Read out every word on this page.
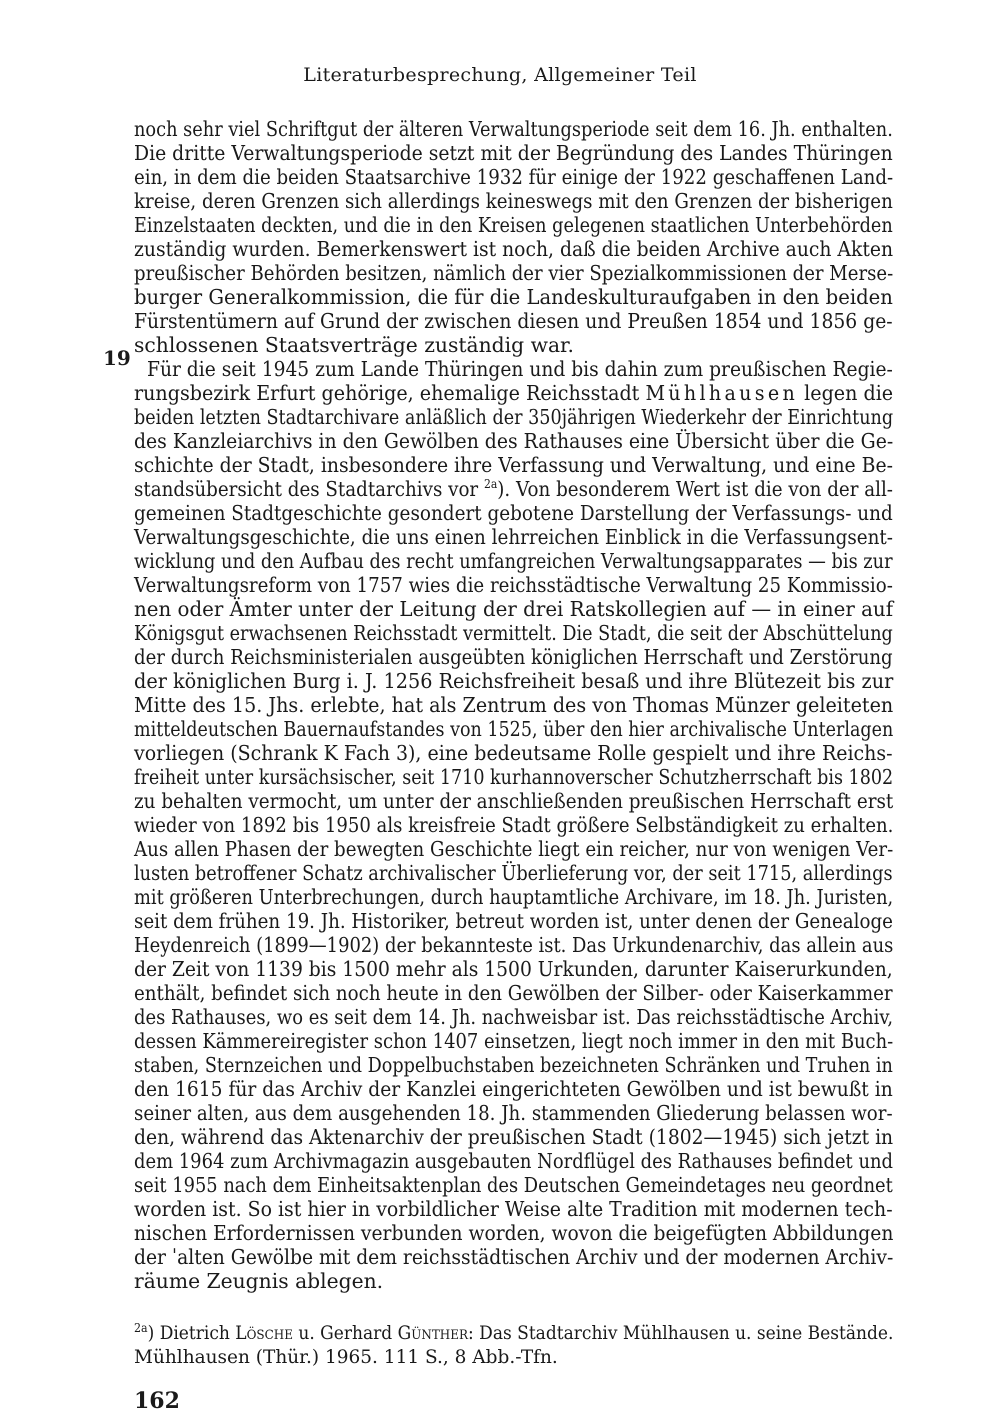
Literaturbesprechung, Allgemeiner Teil
19
noch sehr viel Schriftgut der älteren Verwaltungsperiode seit dem 16. Jh. enthalten.
Die dritte Verwaltungsperiode setzt mit der Begründung des Landes Thüringen
ein, in dem die beiden Staatsarchive 1932 für einige der 1922 geschaffenen Land-
kreise, deren Grenzen sich allerdings keineswegs mit den Grenzen der bisherigen
Einzelstaaten deckten, und die in den Kreisen gelegenen staatlichen Unterbehörden
zuständig wurden. Bemerkenswert ist noch, daß die beiden Archive auch Akten
preußischer Behörden besitzen, nämlich der vier Spezialkommissionen der Merse-
burger Generalkommission, die für die Landeskulturaufgaben in den beiden
Fürstentümern auf Grund der zwischen diesen und Preußen 1854 und 1856 ge-
schlossenen Staatsverträge zuständig war.
Für die seit 1945 zum Lande Thüringen und bis dahin zum preußischen Regie-
rungsbezirk Erfurt gehörige, ehemalige Reichsstadt Mühlhausen legen die
beiden letzten Stadtarchivare anläßlich der 350jährigen Wiederkehr der Einrichtung
des Kanzleiarchivs in den Gewölben des Rathauses eine Übersicht über die Ge-
schichte der Stadt, insbesondere ihre Verfassung und Verwaltung, und eine Be-
standsübersicht des Stadtarchivs vor $^{2a}$). Von besonderem Wert ist die von der all-
gemeinen Stadtgeschichte gesondert gebotene Darstellung der Verfassungs- und
Verwaltungsgeschichte, die uns einen lehrreichen Einblick in die Verfassungsent-
wicklung und den Aufbau des recht umfangreichen Verwaltungsapparates — bis zur
Verwaltungsreform von 1757 wies die reichsstädtische Verwaltung 25 Kommissio-
nen oder Ämter unter der Leitung der drei Ratskollegien auf — in einer auf
Königsgut erwachsenen Reichsstadt vermittelt. Die Stadt, die seit der Abschüttelung
der durch Reichsministerialen ausgeübten königlichen Herrschaft und Zerstörung
der königlichen Burg i. J. 1256 Reichsfreiheit besaß und ihre Blütezeit bis zur
Mitte des 15. Jhs. erlebte, hat als Zentrum des von Thomas Münzer geleiteten
mitteldeutschen Bauernaufstandes von 1525, über den hier archivalische Unterlagen
vorliegen (Schrank K Fach 3), eine bedeutsame Rolle gespielt und ihre Reichs-
freiheit unter kursächsischer, seit 1710 kurhannoverscher Schutzherrschaft bis 1802
zu behalten vermocht, um unter der anschließenden preußischen Herrschaft erst
wieder von 1892 bis 1950 als kreisfreie Stadt größere Selbständigkeit zu erhalten.
Aus allen Phasen der bewegten Geschichte liegt ein reicher, nur von wenigen Ver-
lusten betroffener Schatz archivalischer Überlieferung vor, der seit 1715, allerdings
mit größeren Unterbrechungen, durch hauptamtliche Archivare, im 18. Jh. Juristen,
seit dem frühen 19. Jh. Historiker, betreut worden ist, unter denen der Genealoge
Heydenreich (1899—1902) der bekannteste ist. Das Urkundenarchiv, das allein aus
der Zeit von 1139 bis 1500 mehr als 1500 Urkunden, darunter Kaiserurkunden,
enthält, befindet sich noch heute in den Gewölben der Silber- oder Kaiserkammer
des Rathauses, wo es seit dem 14. Jh. nachweisbar ist. Das reichsstädtische Archiv,
dessen Kämmereiregister schon 1407 einsetzen, liegt noch immer in den mit Buch-
staben, Sternzeichen und Doppelbuchstaben bezeichneten Schränken und Truhen in
den 1615 für das Archiv der Kanzlei eingerichteten Gewölben und ist bewußt in
seiner alten, aus dem ausgehenden 18. Jh. stammenden Gliederung belassen wor-
den, während das Aktenarchiv der preußischen Stadt (1802—1945) sich jetzt in
dem 1964 zum Archivmagazin ausgebauten Nordflügel des Rathauses befindet und
seit 1955 nach dem Einheitsaktenplan des Deutschen Gemeindetages neu geordnet
worden ist. So ist hier in vorbildlicher Weise alte Tradition mit modernen tech-
nischen Erfordernissen verbunden worden, wovon die beigefügten Abbildungen
der ˈalten Gewölbe mit dem reichsstädtischen Archiv und der modernen Archiv-
räume Zeugnis ablegen.
$^{2a}$) Dietrich Lösche u. Gerhard Günther: Das Stadtarchiv Mühlhausen u. seine Bestände.
Mühlhausen (Thür.) 1965. 111 S., 8 Abb.-Tfn.
162
